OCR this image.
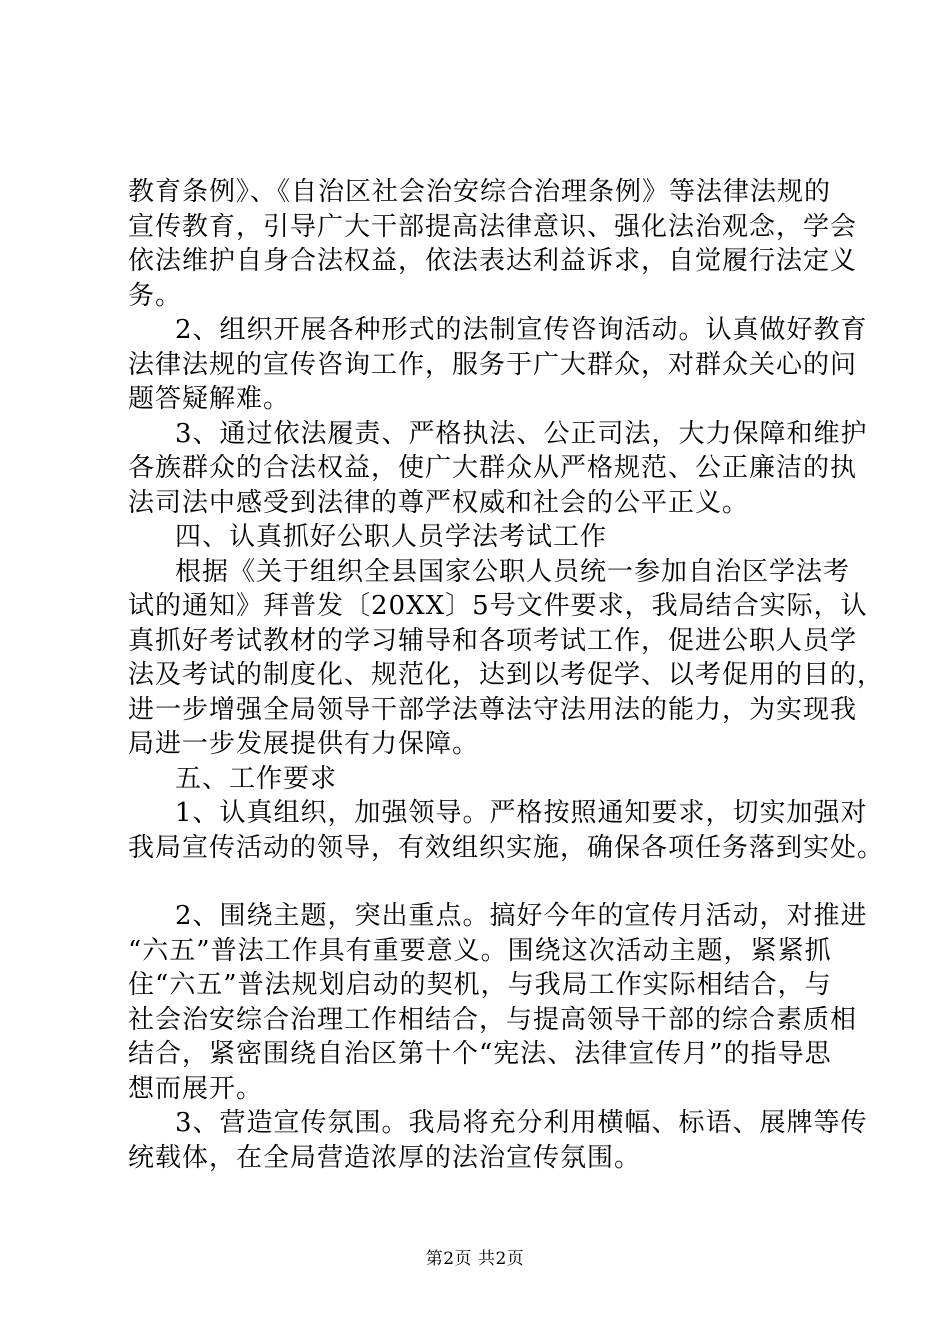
教育条例》、《自治区社会治安综合治理条例》等法律法规的
宣传教育，引导广大干部提高法律意识、强化法治观念，学会
依法维护自身合法权益，依法表达利益诉求，自觉履行法定义
务。
2、组织开展各种形式的法制宣传咨询活动。认真做好教育
法律法规的宣传咨询工作，服务于广大群众，对群众关心的问
题答疑解难。
3、通过依法履责、严格执法、公正司法，大力保障和维护
各族群众的合法权益，使广大群众从严格规范、公正廉洁的执
法司法中感受到法律的尊严权威和社会的公平正义。
四、认真抓好公职人员学法考试工作
根据《关于组织全县国家公职人员统一参加自治区学法考
试的通知》拜普发〔20XX〕5号文件要求，我局结合实际，认
真抓好考试教材的学习辅导和各项考试工作，促进公职人员学
法及考试的制度化、规范化，达到以考促学、以考促用的目的，
进一步增强全局领导干部学法尊法守法用法的能力，为实现我
局进一步发展提供有力保障。
五、工作要求
1、认真组织，加强领导。严格按照通知要求，切实加强对
我局宣传活动的领导，有效组织实施，确保各项任务落到实处。
2、围绕主题，突出重点。搞好今年的宣传月活动，对推进
“六五”普法工作具有重要意义。围绕这次活动主题，紧紧抓
住“六五”普法规划启动的契机，与我局工作实际相结合，与
社会治安综合治理工作相结合，与提高领导干部的综合素质相
结合，紧密围绕自治区第十个“宪法、法律宣传月”的指导思
想而展开。
3、营造宣传氛围。我局将充分利用横幅、标语、展牌等传
统载体，在全局营造浓厚的法治宣传氛围。
第2页 共2页
